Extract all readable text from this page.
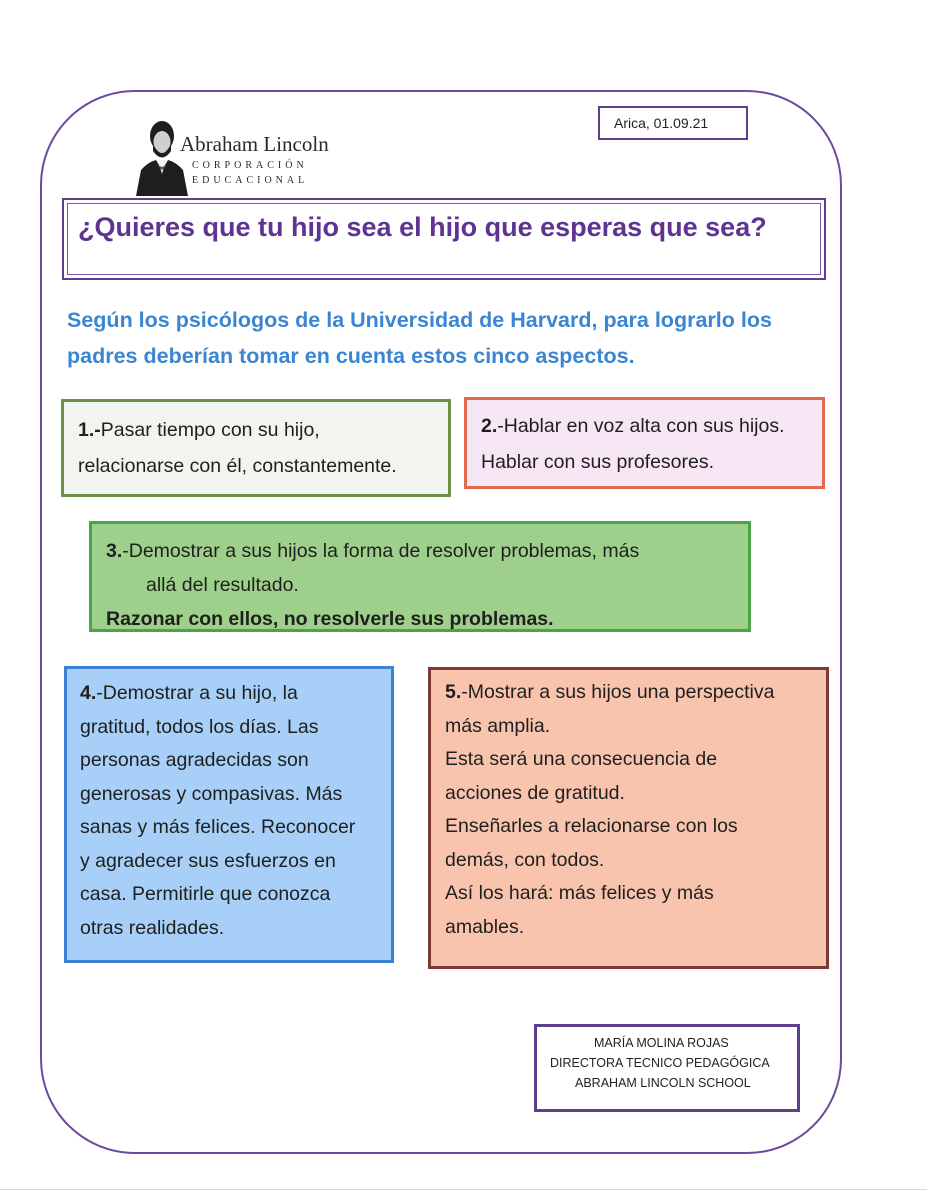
Abraham Lincoln
CORPORACIÓN
EDUCACIONAL
Arica, 01.09.21
¿Quieres que tu hijo sea el hijo que esperas que sea?
Según los psicólogos de la Universidad de Harvard, para lograrlo los
padres deberían tomar en cuenta estos cinco aspectos.
1.-Pasar tiempo con su hijo,
relacionarse con él, constantemente.
2.-Hablar en voz alta con sus hijos.
Hablar con sus profesores.
3.-Demostrar a sus hijos la forma de resolver problemas, más
allá del resultado.
Razonar con ellos, no resolverle sus problemas.
4.-Demostrar a su hijo, la
gratitud, todos los días. Las
personas agradecidas son
generosas y compasivas. Más
sanas y más felices. Reconocer
y agradecer sus esfuerzos en
casa. Permitirle que conozca
otras realidades.
5.-Mostrar a sus hijos una perspectiva
más amplia.
Esta será una consecuencia de
acciones de gratitud.
Enseñarles a relacionarse con los
demás, con todos.
Así los hará: más felices y más
amables.
MARÍA MOLINA ROJAS
DIRECTORA TECNICO PEDAGÓGICA
ABRAHAM LINCOLN SCHOOL
